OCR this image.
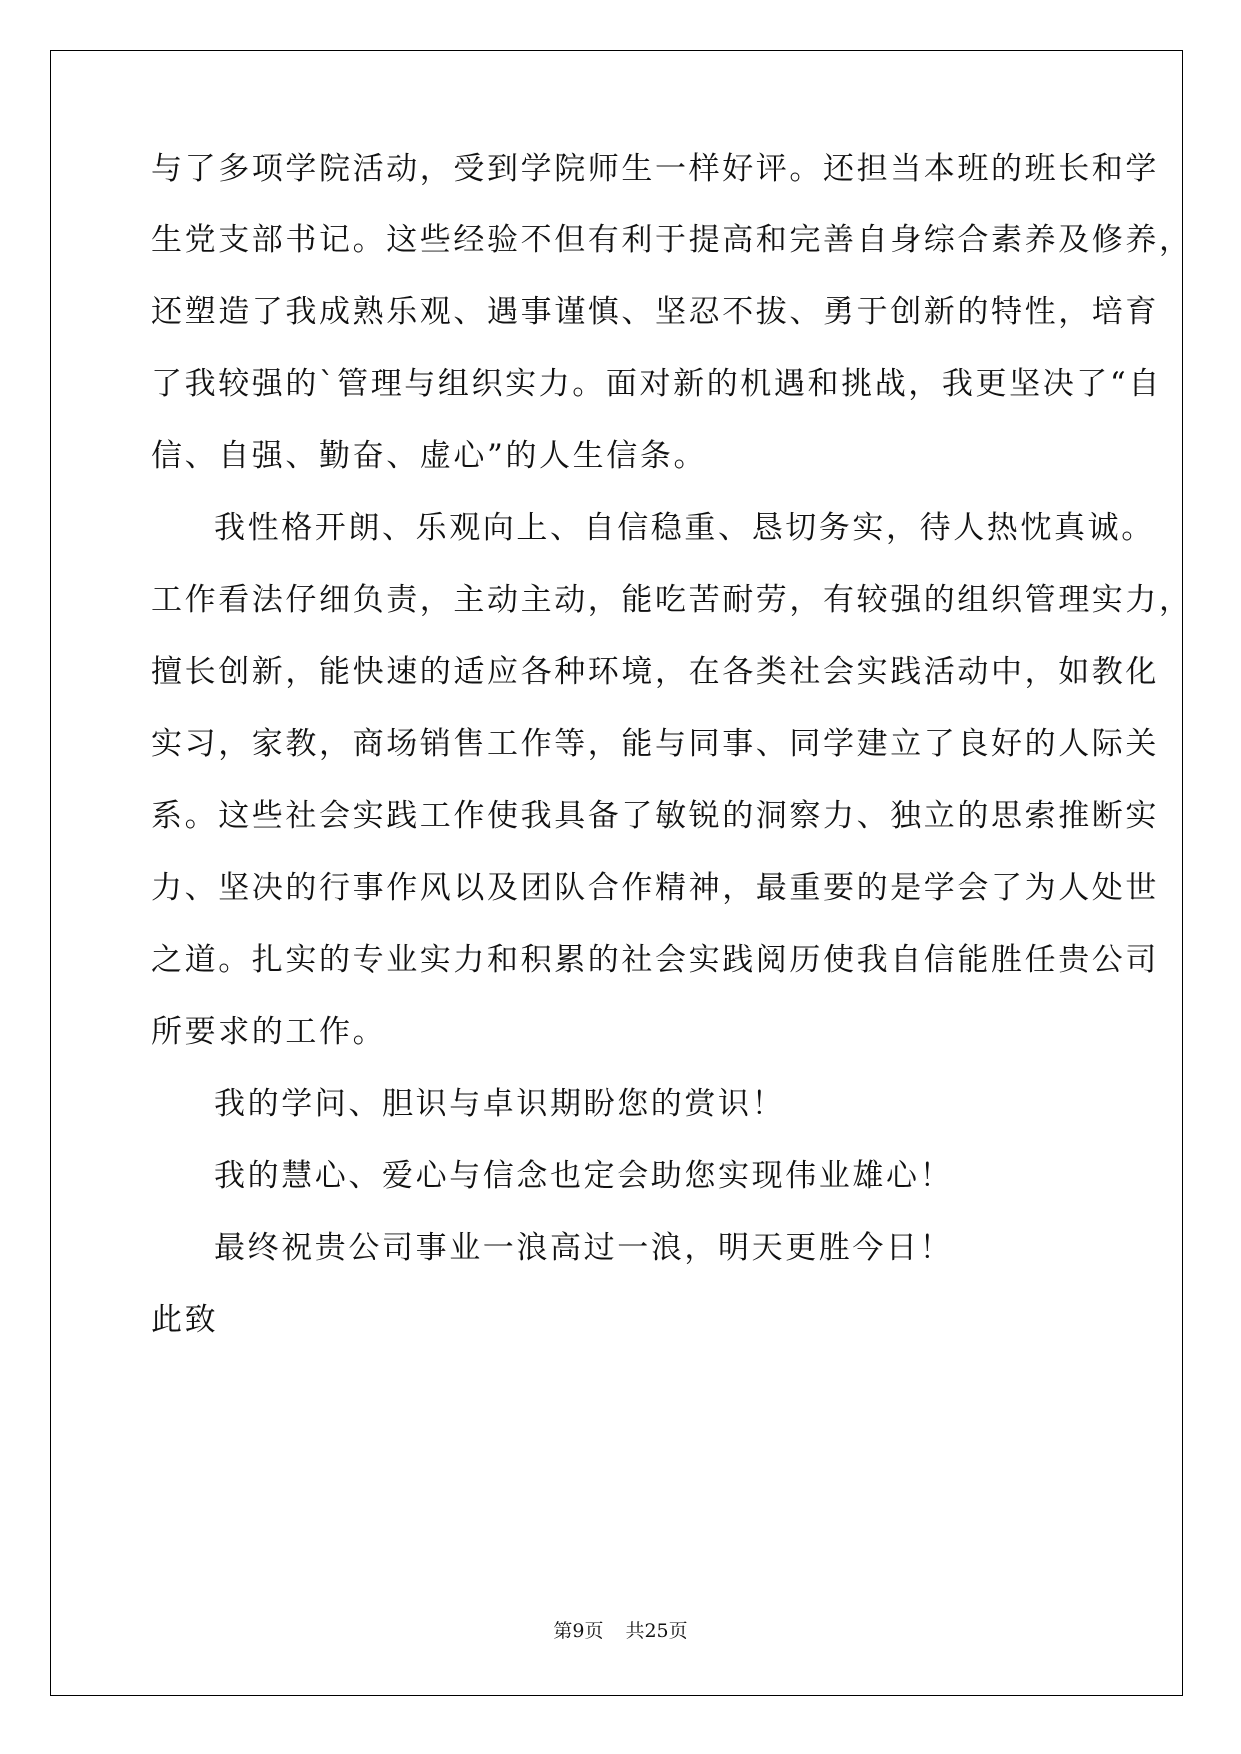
与了多项学院活动，受到学院师生一样好评。还担当本班的班长和学
生党支部书记。这些经验不但有利于提高和完善自身综合素养及修养，
还塑造了我成熟乐观、遇事谨慎、坚忍不拔、勇于创新的特性，培育
了我较强的`管理与组织实力。面对新的机遇和挑战，我更坚决了“自
信、自强、勤奋、虚心”的人生信条。
我性格开朗、乐观向上、自信稳重、恳切务实，待人热忱真诚。
工作看法仔细负责，主动主动，能吃苦耐劳，有较强的组织管理实力，
擅长创新，能快速的适应各种环境，在各类社会实践活动中，如教化
实习，家教，商场销售工作等，能与同事、同学建立了良好的人际关
系。这些社会实践工作使我具备了敏锐的洞察力、独立的思索推断实
力、坚决的行事作风以及团队合作精神，最重要的是学会了为人处世
之道。扎实的专业实力和积累的社会实践阅历使我自信能胜任贵公司
所要求的工作。
我的学问、胆识与卓识期盼您的赏识！
我的慧心、爱心与信念也定会助您实现伟业雄心！
最终祝贵公司事业一浪高过一浪，明天更胜今日！
此致
第9页 共25页
